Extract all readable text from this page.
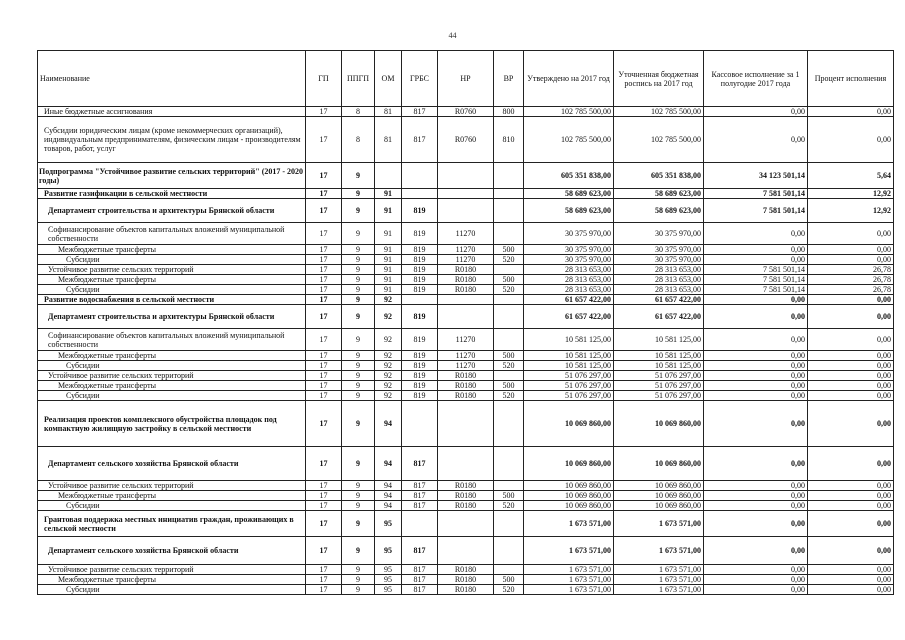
44
Наименование	ГП	ППГП	ОМ	ГРБС	НР	ВР	Утверждено на 2017 год	Уточненная бюджетная роспись на 2017 год	Кассовое исполнение за 1 полугодие 2017 года	Процент исполнения
Иные бюджетные ассигнования	17	8	81	817	R0760	800	102 785 500,00	102 785 500,00	0,00	0,00
Субсидии юридическим лицам (кроме некоммерческих организаций), индивидуальным предпринимателям, физическим лицам - производителям товаров, работ, услуг	17	8	81	817	R0760	810	102 785 500,00	102 785 500,00	0,00	0,00
Подпрограмма "Устойчивое развитие сельских территорий" (2017 - 2020 годы)	17	9					605 351 838,00	605 351 838,00	34 123 501,14	5,64
Развитие газификации в сельской местности	17	9	91				58 689 623,00	58 689 623,00	7 581 501,14	12,92
Департамент строительства и архитектуры Брянской области	17	9	91	819			58 689 623,00	58 689 623,00	7 581 501,14	12,92
Софинансирование объектов капитальных вложений муниципальной собственности	17	9	91	819	11270		30 375 970,00	30 375 970,00	0,00	0,00
Межбюджетные трансферты	17	9	91	819	11270	500	30 375 970,00	30 375 970,00	0,00	0,00
Субсидии	17	9	91	819	11270	520	30 375 970,00	30 375 970,00	0,00	0,00
Устойчивое развитие сельских территорий	17	9	91	819	R0180		28 313 653,00	28 313 653,00	7 581 501,14	26,78
Межбюджетные трансферты	17	9	91	819	R0180	500	28 313 653,00	28 313 653,00	7 581 501,14	26,78
Субсидии	17	9	91	819	R0180	520	28 313 653,00	28 313 653,00	7 581 501,14	26,78
Развитие водоснабжения в сельской местности	17	9	92				61 657 422,00	61 657 422,00	0,00	0,00
Департамент строительства и архитектуры Брянской области	17	9	92	819			61 657 422,00	61 657 422,00	0,00	0,00
Софинансирование объектов капитальных вложений муниципальной собственности	17	9	92	819	11270		10 581 125,00	10 581 125,00	0,00	0,00
Межбюджетные трансферты	17	9	92	819	11270	500	10 581 125,00	10 581 125,00	0,00	0,00
Субсидии	17	9	92	819	11270	520	10 581 125,00	10 581 125,00	0,00	0,00
Устойчивое развитие сельских территорий	17	9	92	819	R0180		51 076 297,00	51 076 297,00	0,00	0,00
Межбюджетные трансферты	17	9	92	819	R0180	500	51 076 297,00	51 076 297,00	0,00	0,00
Субсидии	17	9	92	819	R0180	520	51 076 297,00	51 076 297,00	0,00	0,00
Реализация проектов комплексного обустройства площадок под компактную жилищную застройку в сельской местности	17	9	94				10 069 860,00	10 069 860,00	0,00	0,00
Департамент сельского хозяйства Брянской области	17	9	94	817			10 069 860,00	10 069 860,00	0,00	0,00
Устойчивое развитие сельских территорий	17	9	94	817	R0180		10 069 860,00	10 069 860,00	0,00	0,00
Межбюджетные трансферты	17	9	94	817	R0180	500	10 069 860,00	10 069 860,00	0,00	0,00
Субсидии	17	9	94	817	R0180	520	10 069 860,00	10 069 860,00	0,00	0,00
Грантовая поддержка местных инициатив граждан, проживающих в сельской местности	17	9	95				1 673 571,00	1 673 571,00	0,00	0,00
Департамент сельского хозяйства Брянской области	17	9	95	817			1 673 571,00	1 673 571,00	0,00	0,00
Устойчивое развитие сельских территорий	17	9	95	817	R0180		1 673 571,00	1 673 571,00	0,00	0,00
Межбюджетные трансферты	17	9	95	817	R0180	500	1 673 571,00	1 673 571,00	0,00	0,00
Субсидии	17	9	95	817	R0180	520	1 673 571,00	1 673 571,00	0,00	0,00
